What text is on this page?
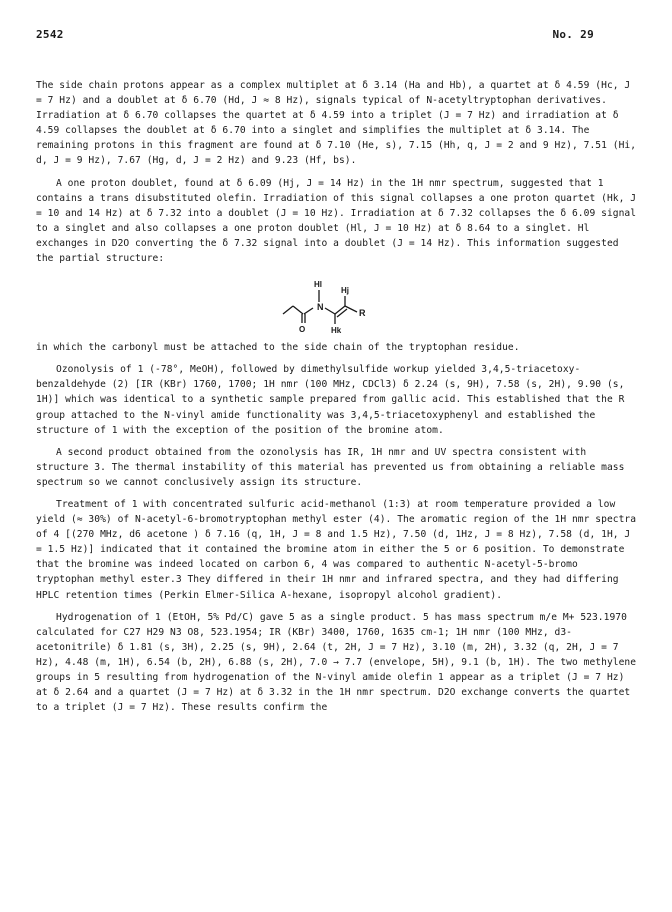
2542	No. 29

The side chain protons appear as a complex multiplet at δ 3.14 (Ha and Hb), a quartet at δ 4.59 (Hc, J = 7 Hz) and a doublet at δ 6.70 (Hd, J ≈ 8 Hz), signals typical of N-acetyltryptophan derivatives. Irradiation at δ 6.70 collapses the quartet at δ 4.59 into a triplet (J = 7 Hz) and irradiation at δ 4.59 collapses the doublet at δ 6.70 into a singlet and simplifies the multiplet at δ 3.14. The remaining protons in this fragment are found at δ 7.10 (He, s), 7.15 (Hh, q, J = 2 and 9 Hz), 7.51 (Hi, d, J = 9 Hz), 7.67 (Hg, d, J = 2 Hz) and 9.23 (Hf, bs).

A one proton doublet, found at δ 6.09 (Hj, J = 14 Hz) in the 1H nmr spectrum, suggested that 1 contains a trans disubstituted olefin. Irradiation of this signal collapses a one proton quartet (Hk, J = 10 and 14 Hz) at δ 7.32 into a doublet (J = 10 Hz). Irradiation at δ 7.32 collapses the δ 6.09 signal to a singlet and also collapses a one proton doublet (Hl, J = 10 Hz) at δ 8.64 to a singlet. Hl exchanges in D2O converting the δ 7.32 signal into a doublet (J = 14 Hz). This information suggested the partial structure:

N
O
Hl
Hj
Hk
R

in which the carbonyl must be attached to the side chain of the tryptophan residue.

Ozonolysis of 1 (-78°, MeOH), followed by dimethylsulfide workup yielded 3,4,5-triacetoxy-benzaldehyde (2) [IR (KBr) 1760, 1700; 1H nmr (100 MHz, CDCl3) δ 2.24 (s, 9H), 7.58 (s, 2H), 9.90 (s, 1H)] which was identical to a synthetic sample prepared from gallic acid. This established that the R group attached to the N-vinyl amide functionality was 3,4,5-triacetoxyphenyl and established the structure of 1 with the exception of the position of the bromine atom.

A second product obtained from the ozonolysis has IR, 1H nmr and UV spectra consistent with structure 3. The thermal instability of this material has prevented us from obtaining a reliable mass spectrum so we cannot conclusively assign its structure.

Treatment of 1 with concentrated sulfuric acid-methanol (1:3) at room temperature provided a low yield (≈ 30%) of N-acetyl-6-bromotryptophan methyl ester (4). The aromatic region of the 1H nmr spectra of 4 [(270 MHz, d6 acetone ) δ 7.16 (q, 1H, J = 8 and 1.5 Hz), 7.50 (d, 1Hz, J = 8 Hz), 7.58 (d, 1H, J = 1.5 Hz)] indicated that it contained the bromine atom in either the 5 or 6 position. To demonstrate that the bromine was indeed located on carbon 6, 4 was compared to authentic N-acetyl-5-bromo tryptophan methyl ester.3 They differed in their 1H nmr and infrared spectra, and they had differing HPLC retention times (Perkin Elmer-Silica A-hexane, isopropyl alcohol gradient).

Hydrogenation of 1 (EtOH, 5% Pd/C) gave 5 as a single product. 5 has mass spectrum m/e M+ 523.1970 calculated for C27 H29 N3 O8, 523.1954; IR (KBr) 3400, 1760, 1635 cm-1; 1H nmr (100 MHz, d3-acetonitrile) δ 1.81 (s, 3H), 2.25 (s, 9H), 2.64 (t, 2H, J = 7 Hz), 3.10 (m, 2H), 3.32 (q, 2H, J = 7 Hz), 4.48 (m, 1H), 6.54 (b, 2H), 6.88 (s, 2H), 7.0 → 7.7 (envelope, 5H), 9.1 (b, 1H). The two methylene groups in 5 resulting from hydrogenation of the N-vinyl amide olefin 1 appear as a triplet (J = 7 Hz) at δ 2.64 and a quartet (J = 7 Hz) at δ 3.32 in the 1H nmr spectrum. D2O exchange converts the quartet to a triplet (J = 7 Hz). These results confirm the
